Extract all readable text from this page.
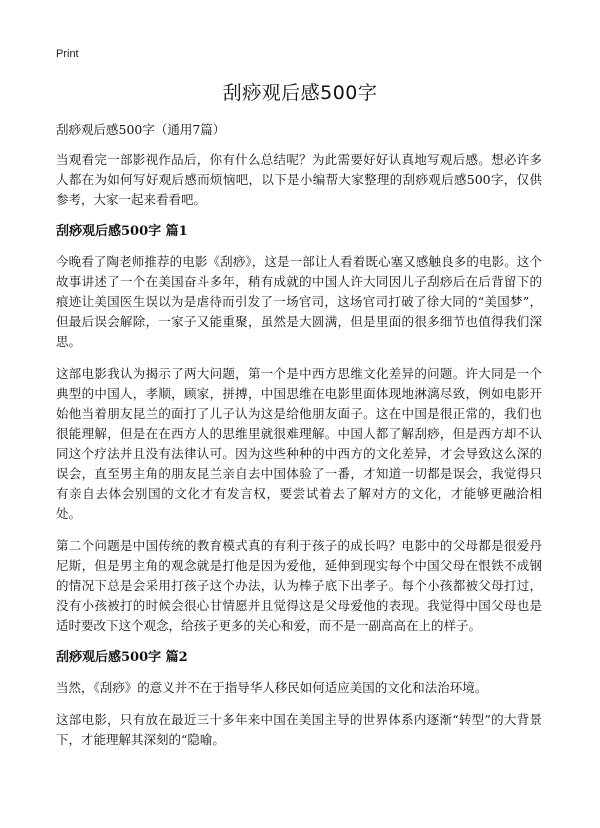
Print
刮痧观后感500字
刮痧观后感500字（通用7篇）

当观看完一部影视作品后，你有什么总结呢？为此需要好好认真地写观后感。想必许多人都在为如何写好观后感而烦恼吧，以下是小编帮大家整理的刮痧观后感500字，仅供参考，大家一起来看看吧。

刮痧观后感500字 篇1

今晚看了陶老师推荐的电影《刮痧》，这是一部让人看着既心塞又感触良多的电影。这个故事讲述了一个在美国奋斗多年，稍有成就的中国人许大同因儿子刮痧后在后背留下的痕迹让美国医生误以为是虐待而引发了一场官司，这场官司打破了徐大同的“美国梦”，但最后误会解除，一家子又能重聚，虽然是大圆满，但是里面的很多细节也值得我们深思。

这部电影我认为揭示了两大问题，第一个是中西方思维文化差异的问题。许大同是一个典型的中国人，孝顺，顾家，拼搏，中国思维在电影里面体现地淋漓尽致，例如电影开始他当着朋友昆兰的面打了儿子认为这是给他朋友面子。这在中国是很正常的，我们也很能理解，但是在在西方人的思维里就很难理解。中国人都了解刮痧，但是西方却不认同这个疗法并且没有法律认可。因为这些种种的中西方的文化差异，才会导致这么深的误会，直至男主角的朋友昆兰亲自去中国体验了一番，才知道一切都是误会，我觉得只有亲自去体会别国的文化才有发言权，要尝试着去了解对方的文化，才能够更融洽相处。

第二个问题是中国传统的教育模式真的有利于孩子的成长吗？电影中的父母都是很爱丹尼斯，但是男主角的观念就是打他是因为爱他，延伸到现实每个中国父母在恨铁不成钢的情况下总是会采用打孩子这个办法，认为棒子底下出孝子。每个小孩都被父母打过，没有小孩被打的时候会很心甘情愿并且觉得这是父母爱他的表现。我觉得中国父母也是适时要改下这个观念，给孩子更多的关心和爱，而不是一副高高在上的样子。

刮痧观后感500字 篇2

当然，《刮痧》的意义并不在于指导华人移民如何适应美国的文化和法治环境。

这部电影，只有放在最近三十多年来中国在美国主导的世界体系内逐渐“转型”的大背景下，才能理解其深刻的“隐喻。
